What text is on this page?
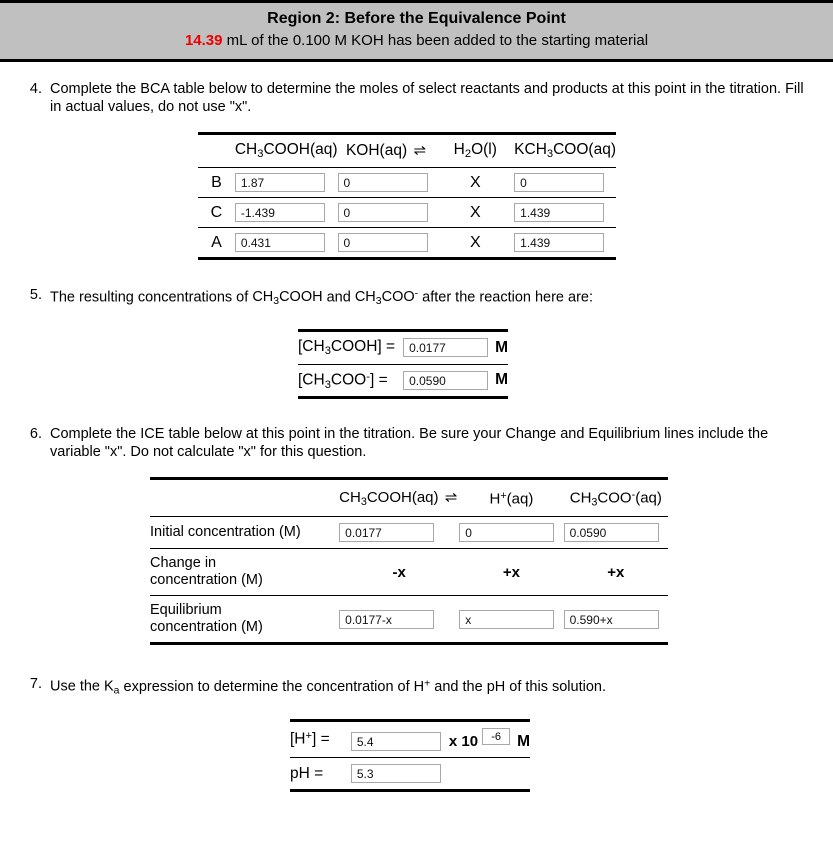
Region 2: Before the Equivalence Point
14.39 mL of the 0.100 M KOH has been added to the starting material
4. Complete the BCA table below to determine the moles of select reactants and products at this point in the titration. Fill in actual values, do not use "x".
	$CH_3COOH(aq)$	KOH(aq) ⇌	$H_2O(l)$	$KCH_3COO(aq)$
B	1.87	0	X	0
C	-1.439	0	X	1.439
A	0.431	0	X	1.439
5. The resulting concentrations of $CH_3COOH$ and $CH_3COO^-$ after the reaction here are:
$[CH_3COOH]$ =	0.0177	M
$[CH_3COO^-]$ =	0.0590	M
6. Complete the ICE table below at this point in the titration. Be sure your Change and Equilibrium lines include the variable "x". Do not calculate "x" for this question.
	$CH_3COOH(aq)$ ⇌	H+(aq)	$CH_3COO^-(aq)$
Initial concentration (M)	0.0177	0	0.0590
Change in
concentration (M)	-x	+x	+x
Equilibrium
concentration (M)	0.0177-x	x	0.590+x
7. Use the $K_a$ expression to determine the concentration of H+ and the pH of this solution.
[H+] =	5.4 x 10 -6 M
pH =	5.3
